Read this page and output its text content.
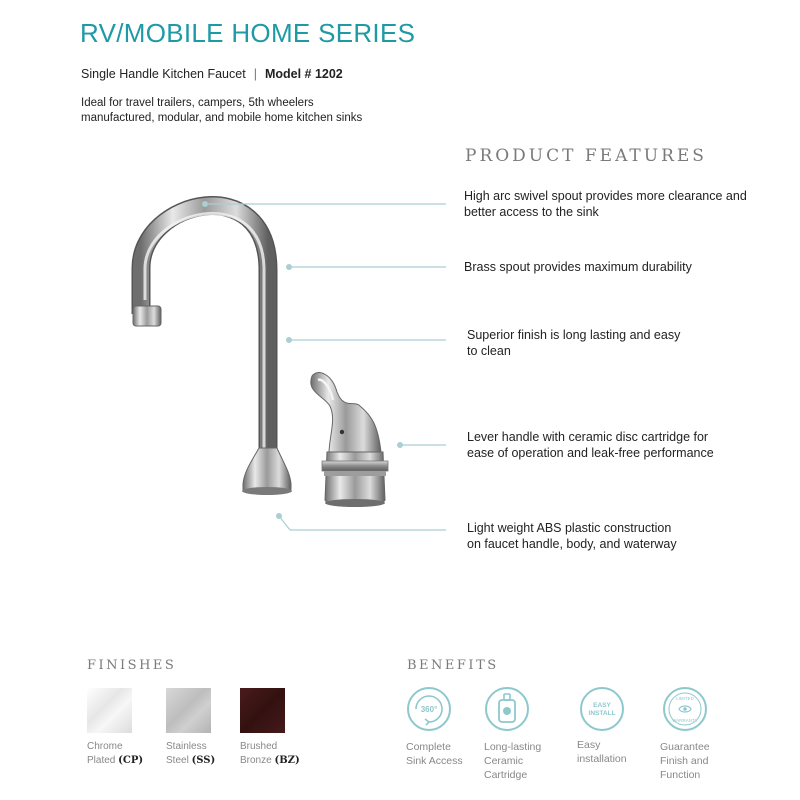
RV/MOBILE HOME SERIES
Single Handle Kitchen Faucet | Model # 1202
Ideal for travel trailers, campers, 5th wheelers
manufactured, modular, and mobile home kitchen sinks
PRODUCT FEATURES
High arc swivel spout provides more clearance and
better access to the sink
Brass spout provides maximum durability
Superior finish is long lasting and easy
to clean
Lever handle with ceramic disc cartridge for
ease of operation and leak-free performance
Light weight ABS plastic construction
on faucet handle, body, and waterway
FINISHES
Chrome
Plated (CP)
Stainless
Steel (SS)
Brushed
Bronze (BZ)
BENEFITS
360°	EASY
INSTALL
LIMITED
WARRANTY
Complete
Sink Access
Long-lasting
Ceramic
Cartridge
Easy
installation
Guarantee
Finish and
Function
